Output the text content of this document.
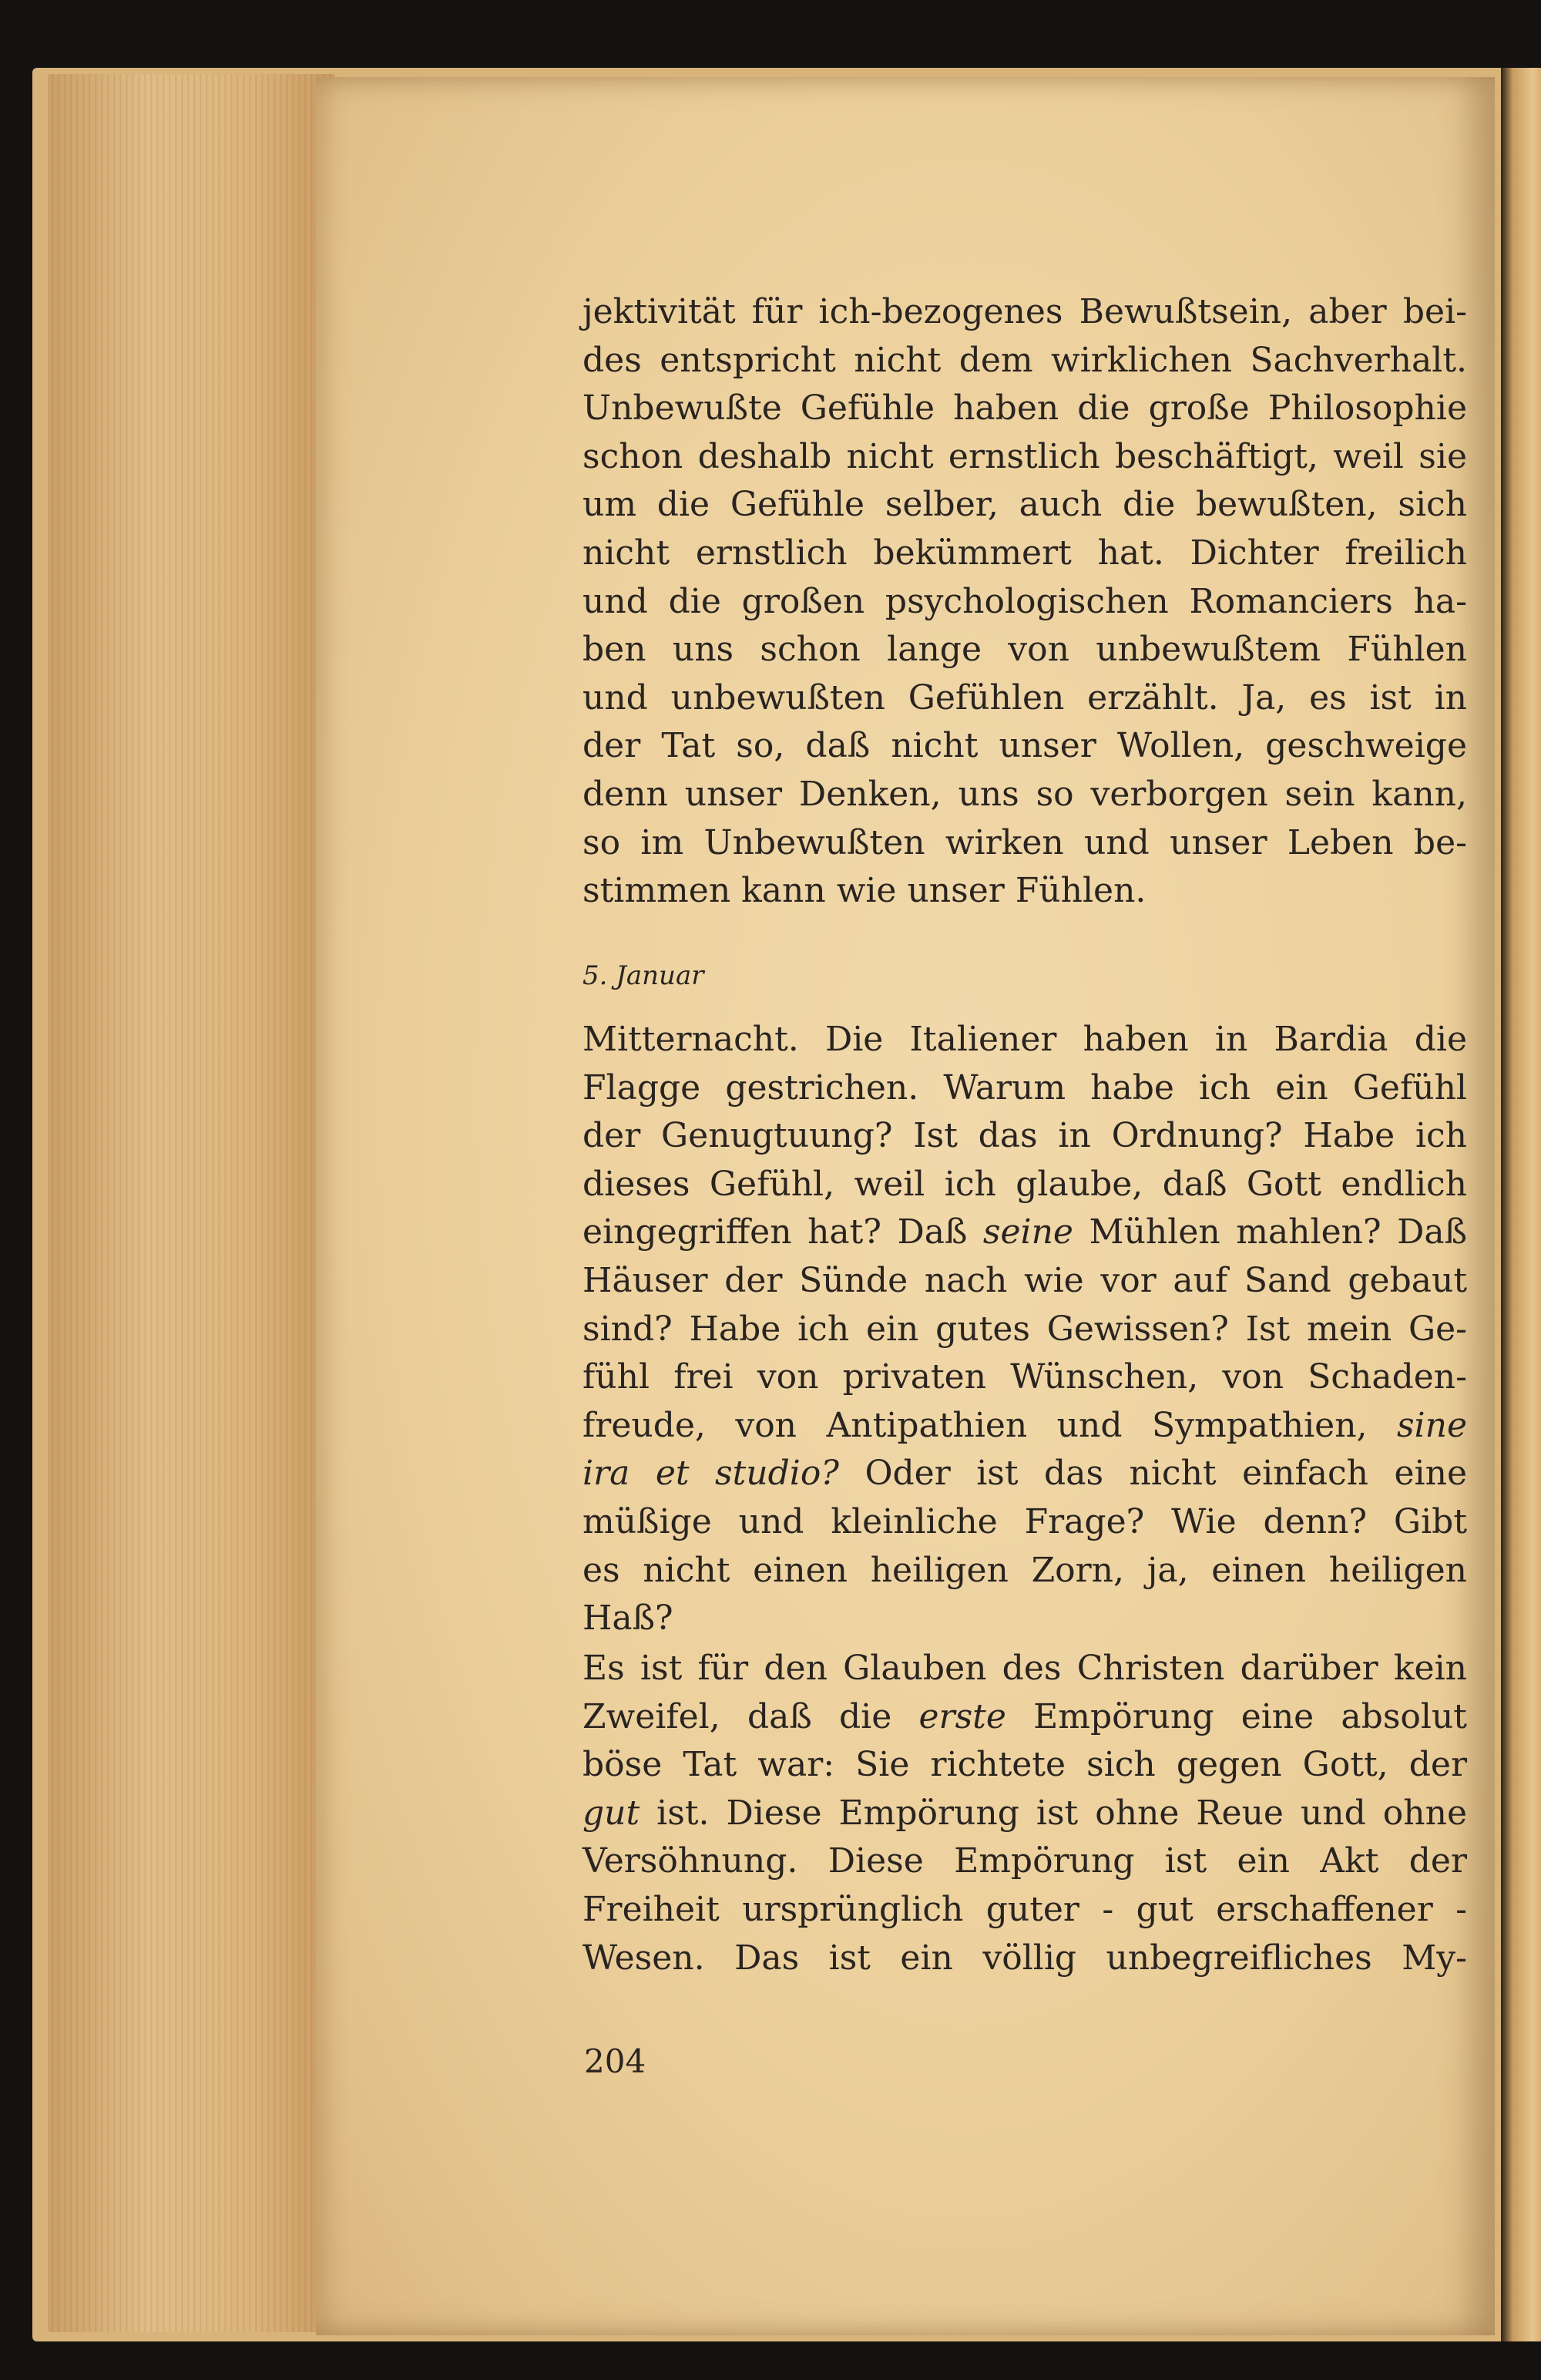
jektivität für ich-bezogenes Bewußtsein, aber bei-
des entspricht nicht dem wirklichen Sachverhalt.
Unbewußte Gefühle haben die große Philosophie
schon deshalb nicht ernstlich beschäftigt, weil sie
um die Gefühle selber, auch die bewußten, sich
nicht ernstlich bekümmert hat. Dichter freilich
und die großen psychologischen Romanciers ha-
ben uns schon lange von unbewußtem Fühlen
und unbewußten Gefühlen erzählt. Ja, es ist in
der Tat so, daß nicht unser Wollen, geschweige
denn unser Denken, uns so verborgen sein kann,
so im Unbewußten wirken und unser Leben be-
stimmen kann wie unser Fühlen.
5. Januar
Mitternacht. Die Italiener haben in Bardia die
Flagge gestrichen. Warum habe ich ein Gefühl
der Genugtuung? Ist das in Ordnung? Habe ich
dieses Gefühl, weil ich glaube, daß Gott endlich
eingegriffen hat? Daß seine Mühlen mahlen? Daß
Häuser der Sünde nach wie vor auf Sand gebaut
sind? Habe ich ein gutes Gewissen? Ist mein Ge-
fühl frei von privaten Wünschen, von Schaden-
freude, von Antipathien und Sympathien, sine
ira et studio? Oder ist das nicht einfach eine
müßige und kleinliche Frage? Wie denn? Gibt
es nicht einen heiligen Zorn, ja, einen heiligen
Haß?
Es ist für den Glauben des Christen darüber kein
Zweifel, daß die erste Empörung eine absolut
böse Tat war: Sie richtete sich gegen Gott, der
gut ist. Diese Empörung ist ohne Reue und ohne
Versöhnung. Diese Empörung ist ein Akt der
Freiheit ursprünglich guter - gut erschaffener -
Wesen. Das ist ein völlig unbegreifliches My-
204
